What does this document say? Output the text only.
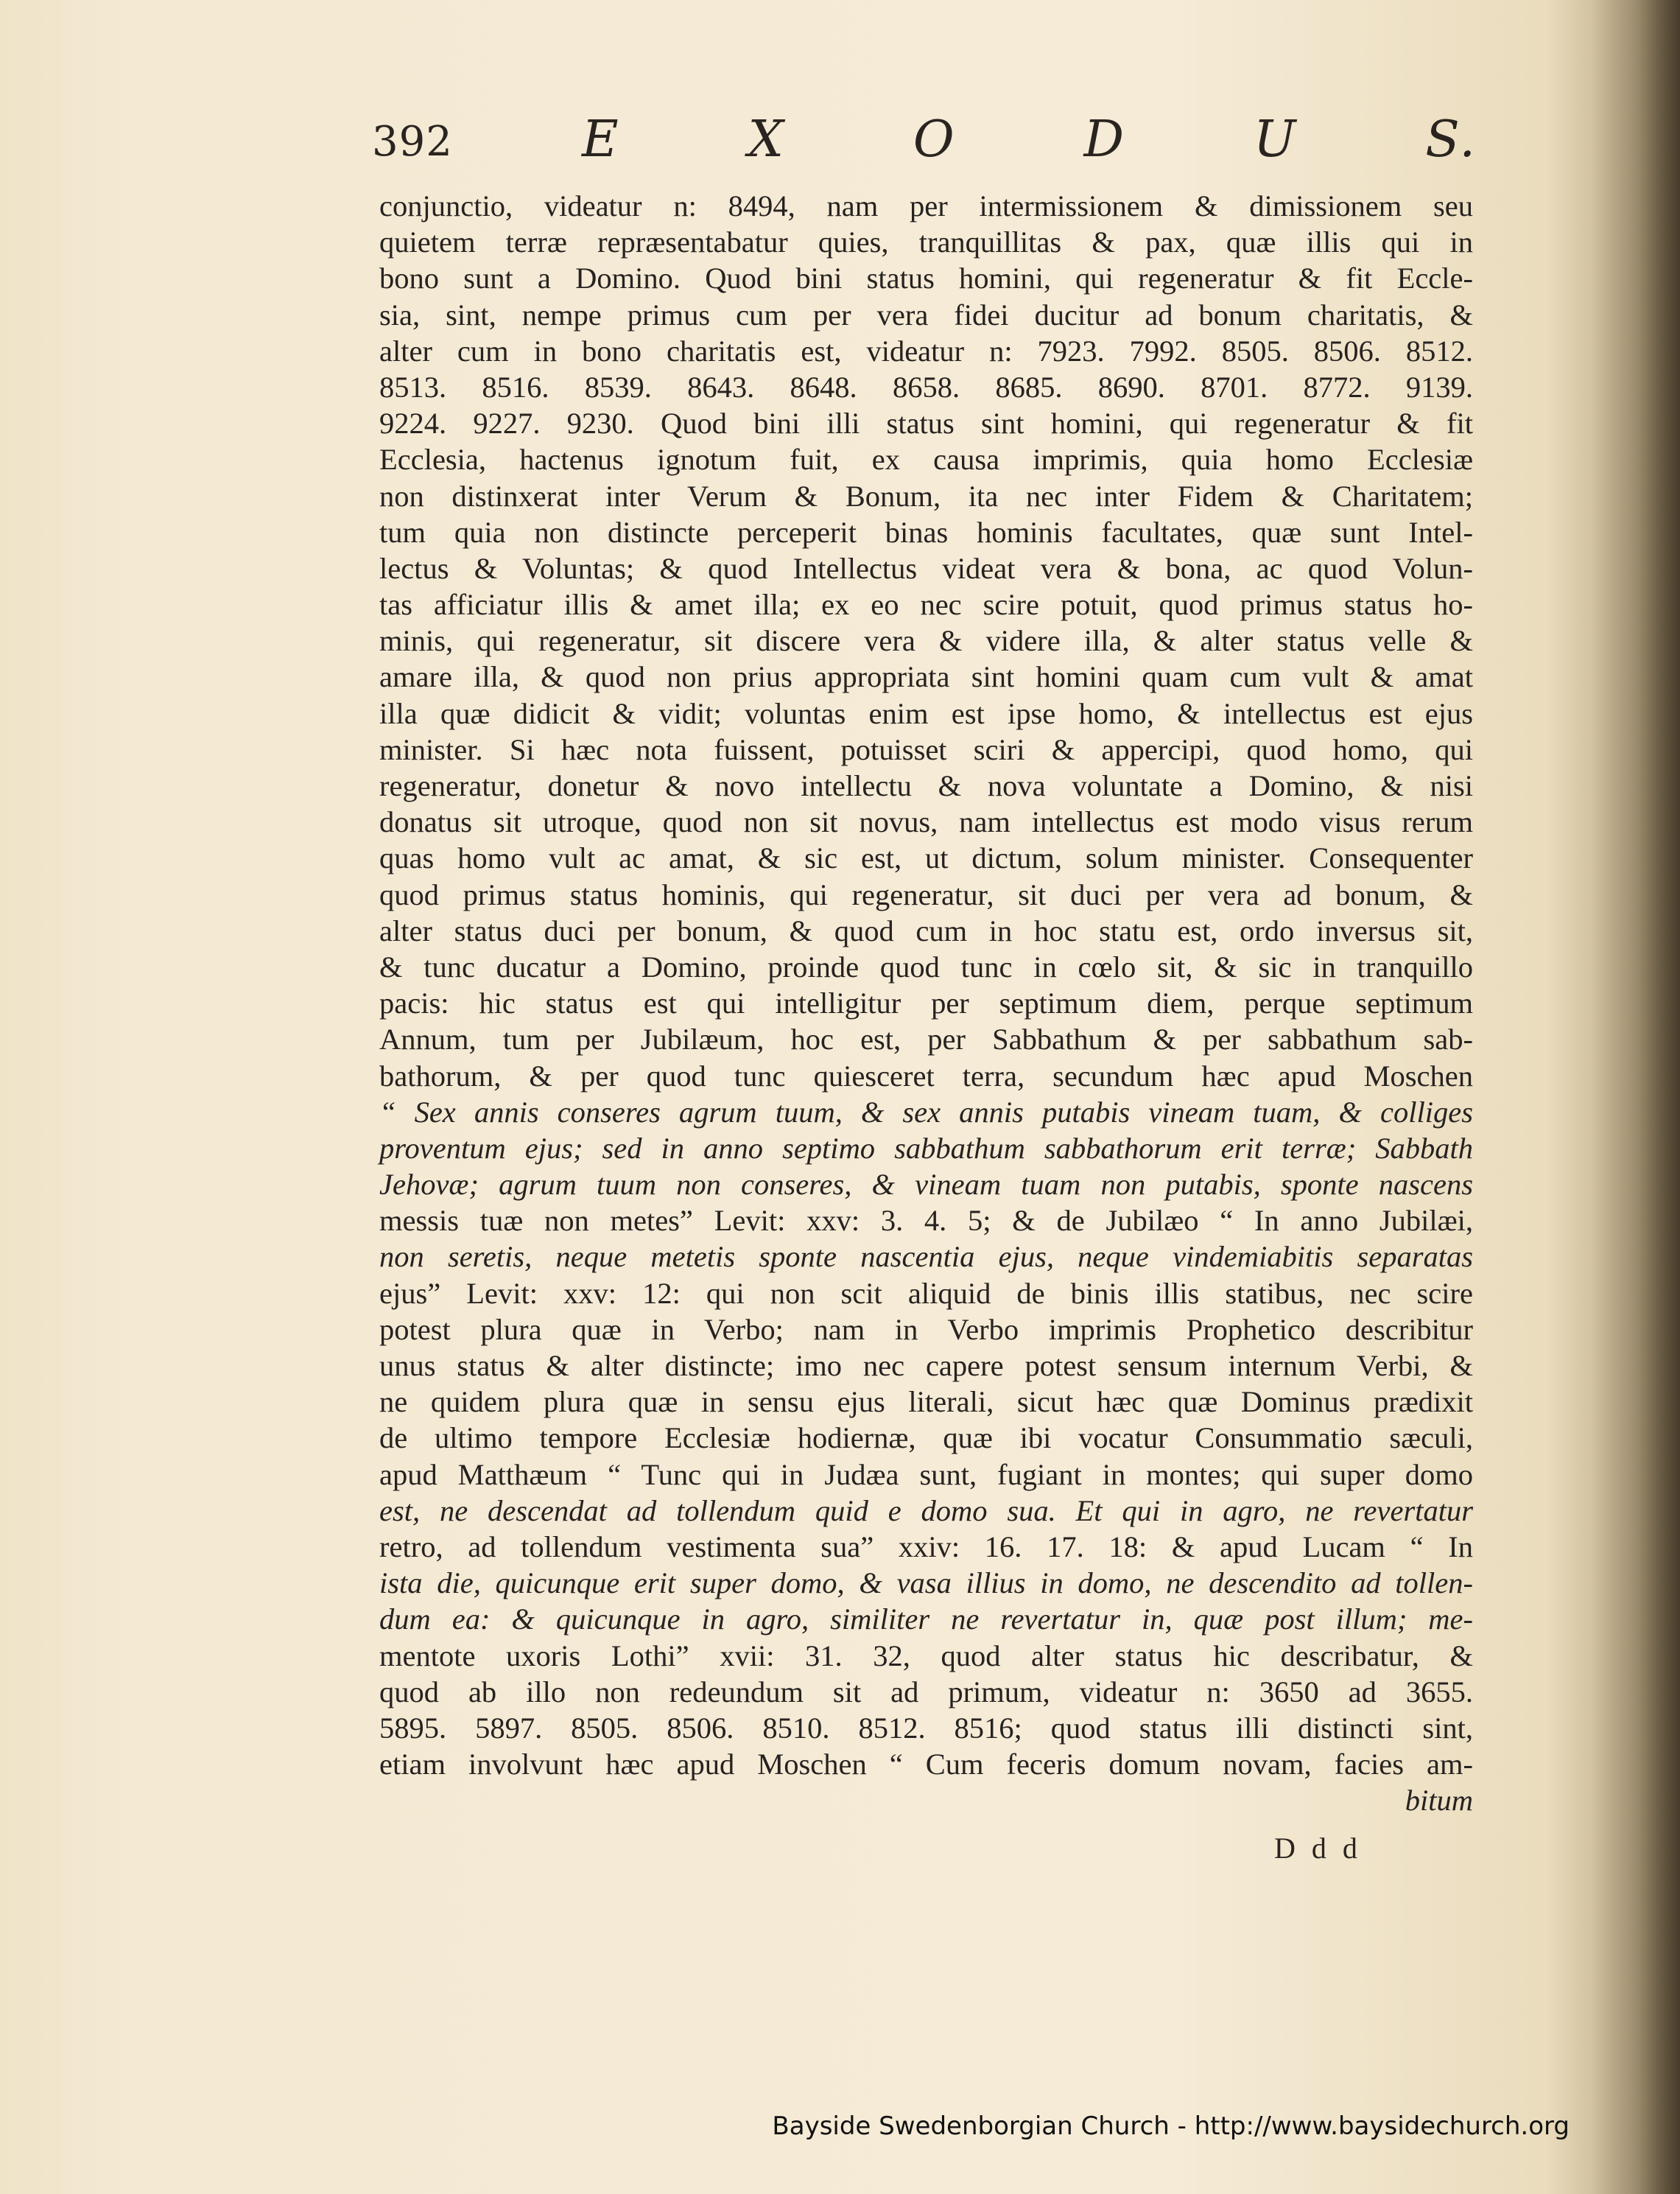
392	E	X	O	D	U	S.
conjunctio, videatur n: 8494, nam per intermissionem & dimissionem seu
quietem terræ repræsentabatur quies, tranquillitas & pax, quæ illis qui in
bono sunt a Domino. Quod bini status homini, qui regeneratur & fit Eccle-
sia, sint, nempe primus cum per vera fidei ducitur ad bonum charitatis, &
alter cum in bono charitatis est, videatur n: 7923. 7992. 8505. 8506. 8512.
8513. 8516. 8539. 8643. 8648. 8658. 8685. 8690. 8701. 8772. 9139.
9224. 9227. 9230. Quod bini illi status sint homini, qui regeneratur & fit
Ecclesia, hactenus ignotum fuit, ex causa imprimis, quia homo Ecclesiæ
non distinxerat inter Verum & Bonum, ita nec inter Fidem & Charitatem;
tum quia non distincte perceperit binas hominis facultates, quæ sunt Intel-
lectus & Voluntas; & quod Intellectus videat vera & bona, ac quod Volun-
tas afficiatur illis & amet illa; ex eo nec scire potuit, quod primus status ho-
minis, qui regeneratur, sit discere vera & videre illa, & alter status velle &
amare illa, & quod non prius appropriata sint homini quam cum vult & amat
illa quæ didicit & vidit; voluntas enim est ipse homo, & intellectus est ejus
minister. Si hæc nota fuissent, potuisset sciri & appercipi, quod homo, qui
regeneratur, donetur & novo intellectu & nova voluntate a Domino, & nisi
donatus sit utroque, quod non sit novus, nam intellectus est modo visus rerum
quas homo vult ac amat, & sic est, ut dictum, solum minister. Consequenter
quod primus status hominis, qui regeneratur, sit duci per vera ad bonum, &
alter status duci per bonum, & quod cum in hoc statu est, ordo inversus sit,
& tunc ducatur a Domino, proinde quod tunc in cœlo sit, & sic in tranquillo
pacis: hic status est qui intelligitur per septimum diem, perque septimum
Annum, tum per Jubilæum, hoc est, per Sabbathum & per sabbathum sab-
bathorum, & per quod tunc quiesceret terra, secundum hæc apud Moschen
“ Sex annis conseres agrum tuum, & sex annis putabis vineam tuam, & colliges
proventum ejus; sed in anno septimo sabbathum sabbathorum erit terræ; Sabbath
Jehovæ; agrum tuum non conseres, & vineam tuam non putabis, sponte nascens
messis tuæ non metes” Levit: xxv: 3. 4. 5; & de Jubilæo “ In anno Jubilæi,
non seretis, neque metetis sponte nascentia ejus, neque vindemiabitis separatas
ejus” Levit: xxv: 12: qui non scit aliquid de binis illis statibus, nec scire
potest plura quæ in Verbo; nam in Verbo imprimis Prophetico describitur
unus status & alter distincte; imo nec capere potest sensum internum Verbi, &
ne quidem plura quæ in sensu ejus literali, sicut hæc quæ Dominus prædixit
de ultimo tempore Ecclesiæ hodiernæ, quæ ibi vocatur Consummatio sæculi,
apud Matthæum “ Tunc qui in Judæa sunt, fugiant in montes; qui super domo
est, ne descendat ad tollendum quid e domo sua. Et qui in agro, ne revertatur
retro, ad tollendum vestimenta sua” xxiv: 16. 17. 18: & apud Lucam “ In
ista die, quicunque erit super domo, & vasa illius in domo, ne descendito ad tollen-
dum ea: & quicunque in agro, similiter ne revertatur in, quæ post illum; me-
mentote uxoris Lothi” xvii: 31. 32, quod alter status hic describatur, &
quod ab illo non redeundum sit ad primum, videatur n: 3650 ad 3655.
5895. 5897. 8505. 8506. 8510. 8512. 8516; quod status illi distincti sint,
etiam involvunt hæc apud Moschen “ Cum feceris domum novam, facies am-
bitum
D d d
Bayside Swedenborgian Church - http://www.baysidechurch.org
